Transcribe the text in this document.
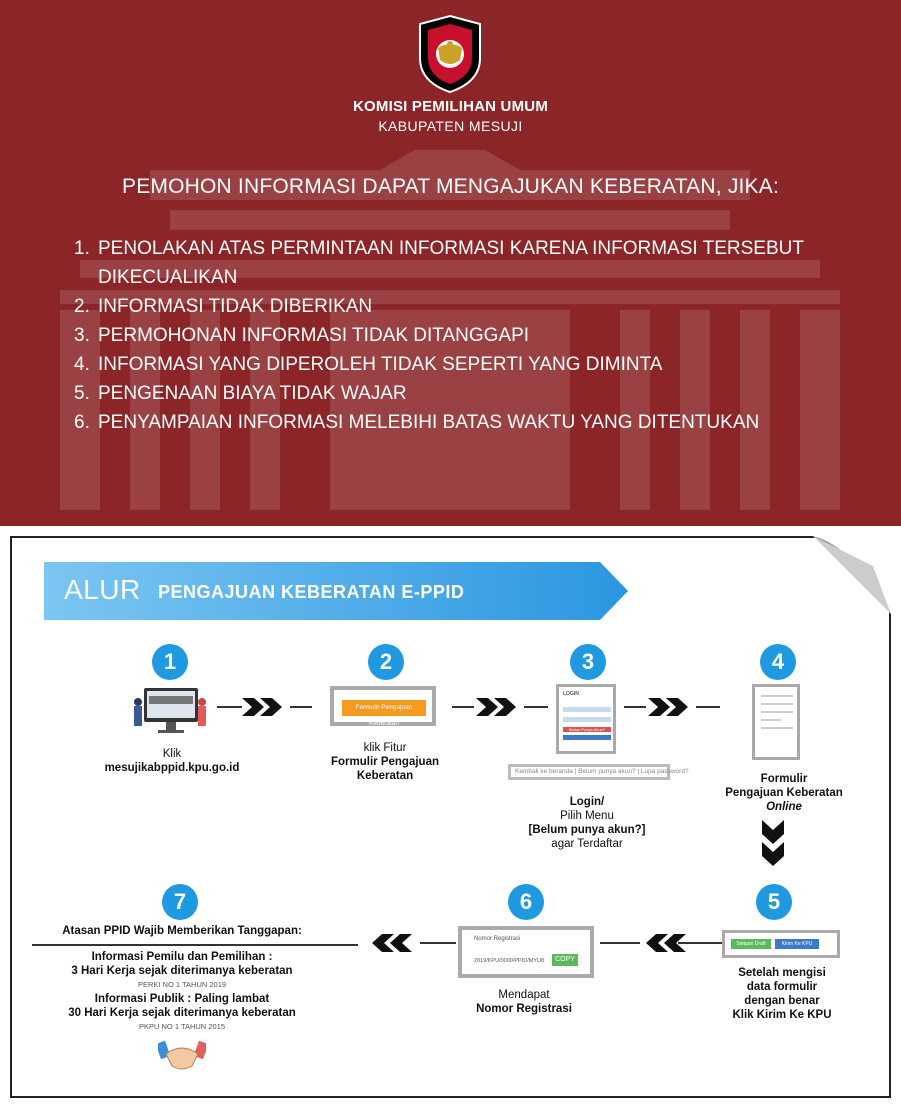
KOMISI PEMILIHAN UMUM
KABUPATEN MESUJI
PEMOHON INFORMASI DAPAT MENGAJUKAN KEBERATAN, JIKA:
1. PENOLAKAN ATAS PERMINTAAN INFORMASI KARENA INFORMASI TERSEBUT DIKECUALIKAN
2. INFORMASI TIDAK DIBERIKAN
3. PERMOHONAN INFORMASI TIDAK DITANGGAPI
4. INFORMASI YANG DIPEROLEH TIDAK SEPERTI YANG DIMINTA
5. PENGENAAN BIAYA TIDAK WAJAR
6. PENYAMPAIAN INFORMASI MELEBIHI BATAS WAKTU YANG DITENTUKAN
ALUR PENGAJUAN KEBERATAN E-PPID
1
Klik
mesujikabppid.kpu.go.id
2
Formulir Pengajuan Keberatan
klik Fitur
Formulir Pengajuan
Keberatan
3
LOGIN
Belum Punya Akun?
Kembali ke beranda | Belum punya akun? | Lupa password?
Login/
Pilih Menu
[Belum punya akun?]
agar Terdaftar
4
Formulir
Pengajuan Keberatan
Online
5
Simpan Draft	Kirim Ke KPU
Setelah mengisi
data formulir
dengan benar
Klik Kirim Ke KPU
6
Nomor Registrasi
2019/KPU/0000/PPID/MYU8	COPY
Mendapat
Nomor Registrasi
7
Atasan PPID Wajib Memberikan Tanggapan:
Informasi Pemilu dan Pemilihan :
3 Hari Kerja sejak diterimanya keberatan
PERKI NO 1 TAHUN 2019
Informasi Publik : Paling lambat
30 Hari Kerja sejak diterimanya keberatan
PKPU NO 1 TAHUN 2015
